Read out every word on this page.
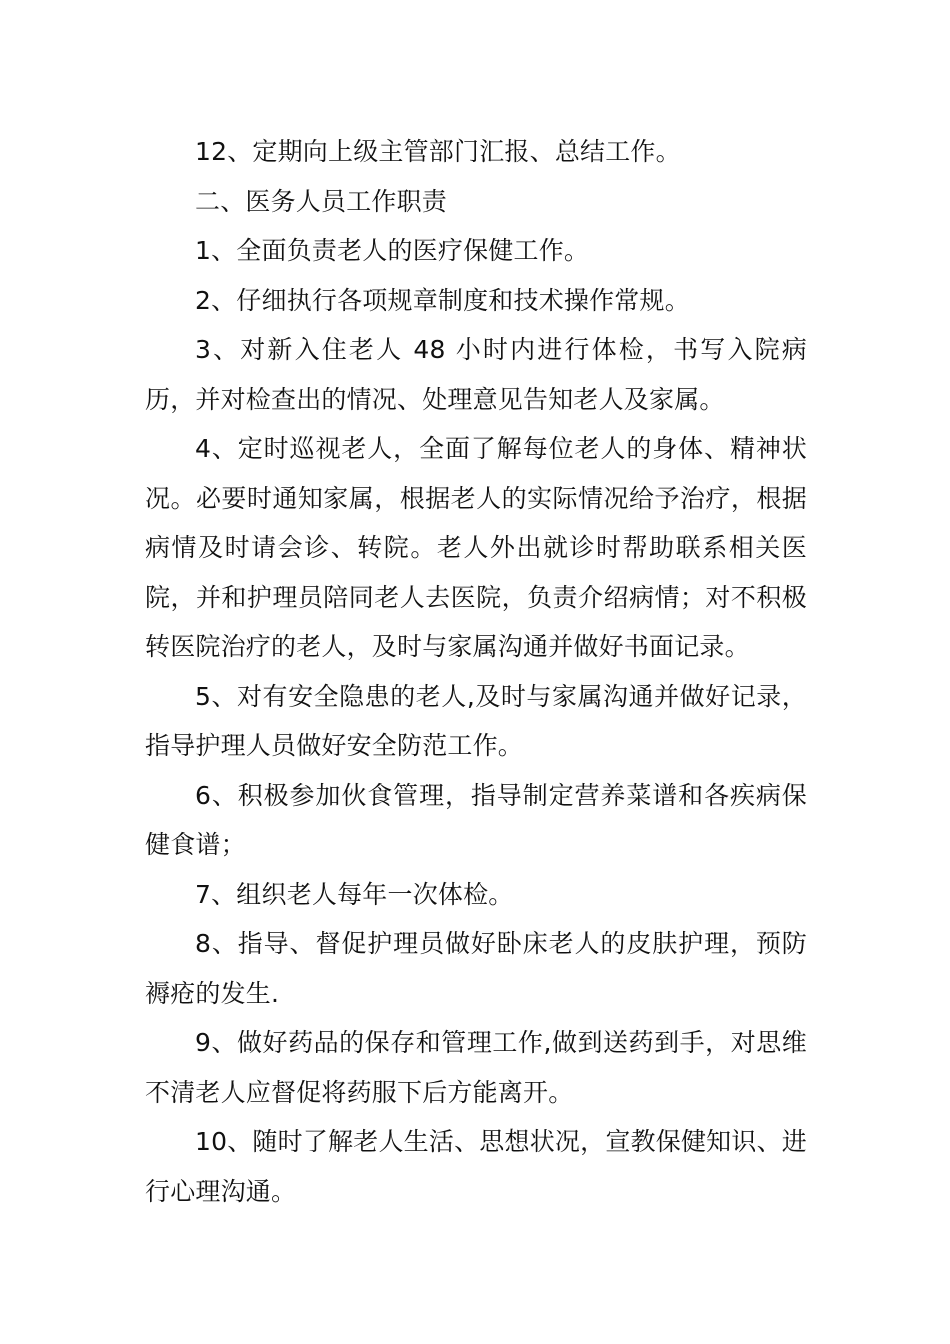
12、定期向上级主管部门汇报、总结工作。

二、医务人员工作职责

1、全面负责老人的医疗保健工作。

2、仔细执行各项规章制度和技术操作常规。

3、对新入住老人 48 小时内进行体检，书写入院病历，并对检查出的情况、处理意见告知老人及家属。

4、定时巡视老人，全面了解每位老人的身体、精神状况。必要时通知家属，根据老人的实际情况给予治疗，根据病情及时请会诊、转院。老人外出就诊时帮助联系相关医院，并和护理员陪同老人去医院，负责介绍病情；对不积极转医院治疗的老人，及时与家属沟通并做好书面记录。

5、对有安全隐患的老人,及时与家属沟通并做好记录，指导护理人员做好安全防范工作。

6、积极参加伙食管理，指导制定营养菜谱和各疾病保健食谱；

7、组织老人每年一次体检。

8、指导、督促护理员做好卧床老人的皮肤护理，预防褥疮的发生.

9、做好药品的保存和管理工作,做到送药到手，对思维不清老人应督促将药服下后方能离开。

10、随时了解老人生活、思想状况，宣教保健知识、进行心理沟通。
